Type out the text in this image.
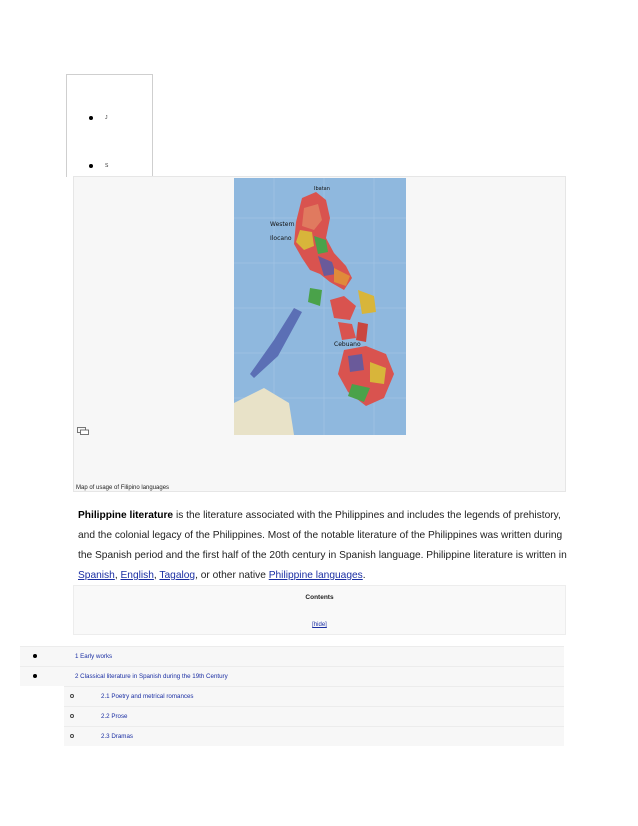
J
S
Ibatan
Western
Ilocano
Cebuano
Map of usage of Filipino languages
Philippine literature is the literature associated with the Philippines and includes the legends of prehistory, and the colonial legacy of the Philippines. Most of the notable literature of the Philippines was written during the Spanish period and the first half of the 20th century in Spanish language. Philippine literature is written in Spanish, English, Tagalog, or other native Philippine languages.
Contents
[hide]
1 Early works
2 Classical literature in Spanish during the 19th Century
2.1 Poetry and metrical romances
2.2 Prose
2.3 Dramas
